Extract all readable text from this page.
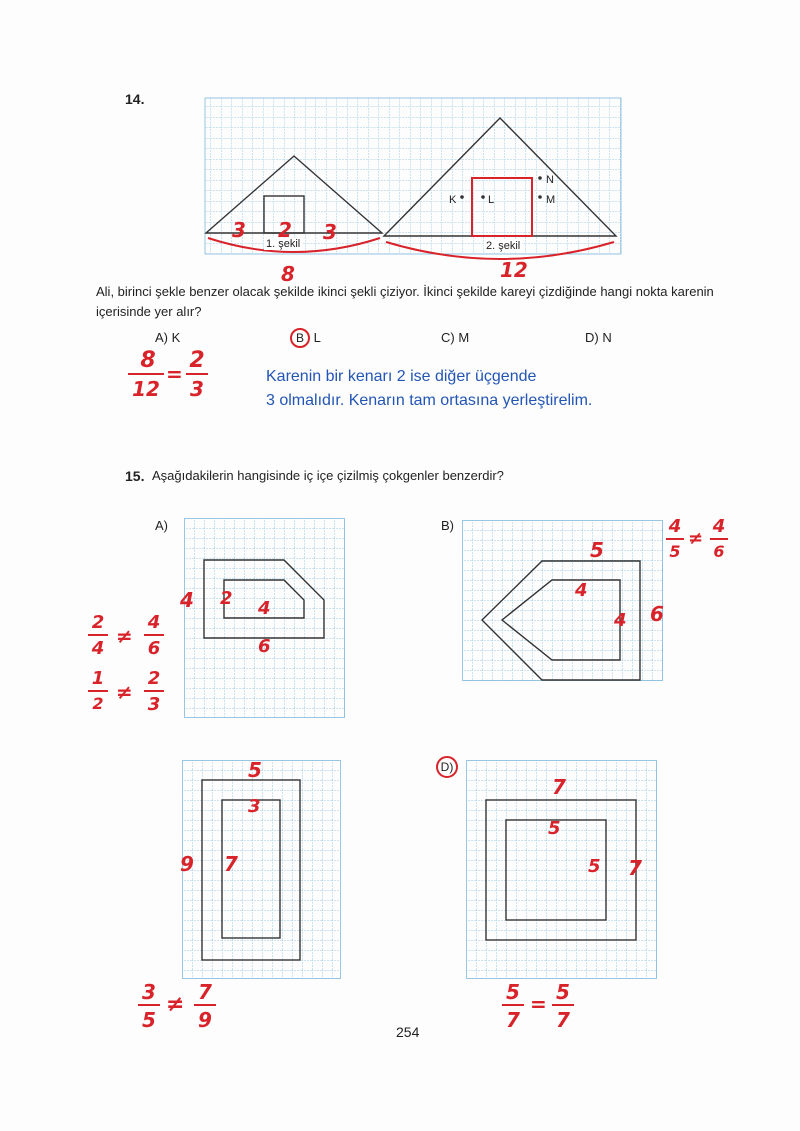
14.
1. şekil	2. şekil
K	L	M
N
3 2 3
8	12
Ali, birinci şekle benzer olacak şekilde ikinci şekli çiziyor. İkinci şekilde kareyi çizdiğinde hangi nokta karenin içerisinde yer alır?
A) K	B L	C) M	D) N
8
12
=
2
3
Karenin bir kenarı 2 ise diğer üçgende
3 olmalıdır. Kenarın tam ortasına yerleştirelim.
15. Aşağıdakilerin hangisinde iç içe çizilmiş çokgenler benzerdir?
A)	B)
D)
4 2 4
6
2
4
≠
4
6
1
2 ≠
2
3
5
4
4 6
4
5
≠
4
6
5
3
9 7
3
5
≠ 7
9
7
5
5 7
5
7
= 5
7
254
